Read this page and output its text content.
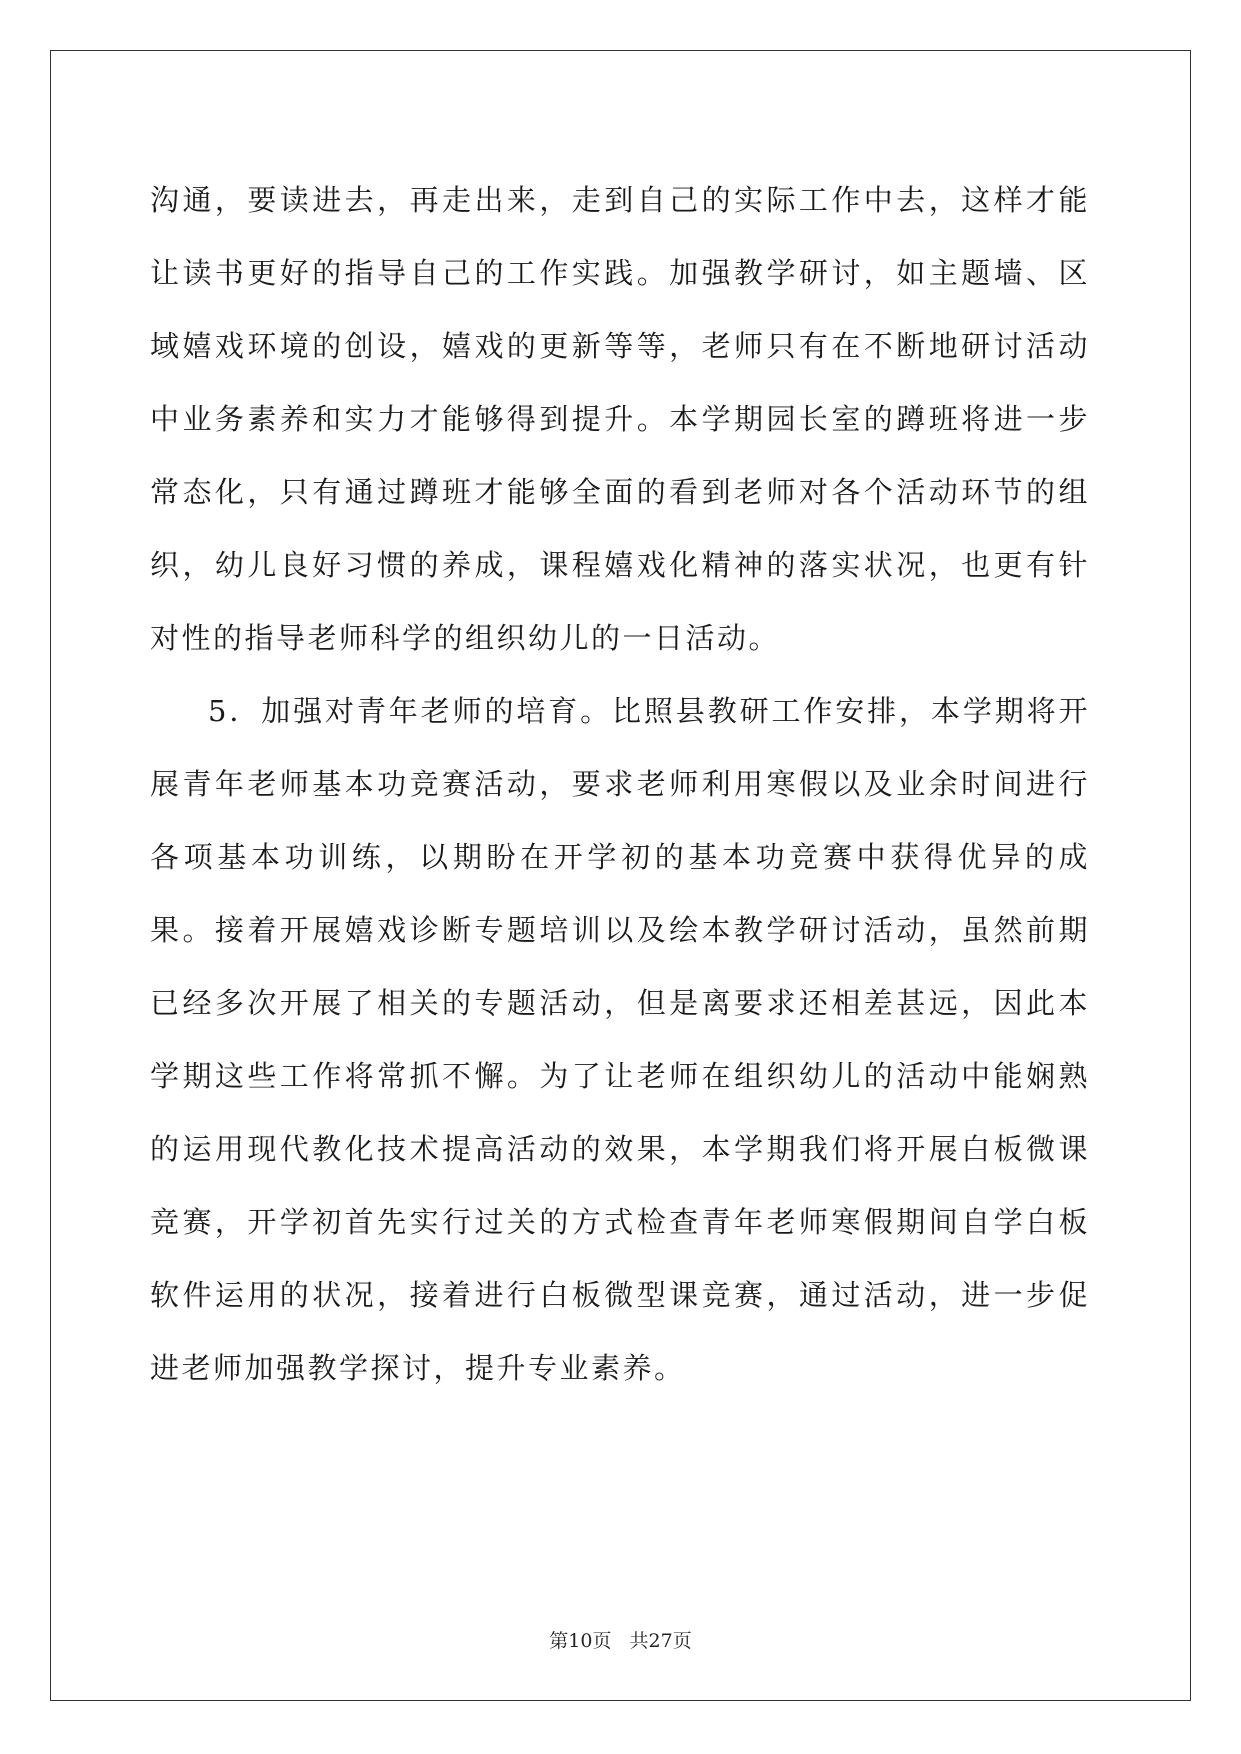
沟通，要读进去，再走出来，走到自己的实际工作中去，这样才能让读书更好的指导自己的工作实践。加强教学研讨，如主题墙、区域嬉戏环境的创设，嬉戏的更新等等，老师只有在不断地研讨活动中业务素养和实力才能够得到提升。本学期园长室的蹲班将进一步常态化，只有通过蹲班才能够全面的看到老师对各个活动环节的组织，幼儿良好习惯的养成，课程嬉戏化精神的落实状况，也更有针对性的指导老师科学的组织幼儿的一日活动。

5．加强对青年老师的培育。比照县教研工作安排，本学期将开展青年老师基本功竞赛活动，要求老师利用寒假以及业余时间进行各项基本功训练，以期盼在开学初的基本功竞赛中获得优异的成果。接着开展嬉戏诊断专题培训以及绘本教学研讨活动，虽然前期已经多次开展了相关的专题活动，但是离要求还相差甚远，因此本学期这些工作将常抓不懈。为了让老师在组织幼儿的活动中能娴熟的运用现代教化技术提高活动的效果，本学期我们将开展白板微课竞赛，开学初首先实行过关的方式检查青年老师寒假期间自学白板软件运用的状况，接着进行白板微型课竞赛，通过活动，进一步促进老师加强教学探讨，提升专业素养。

第10页 共27页
